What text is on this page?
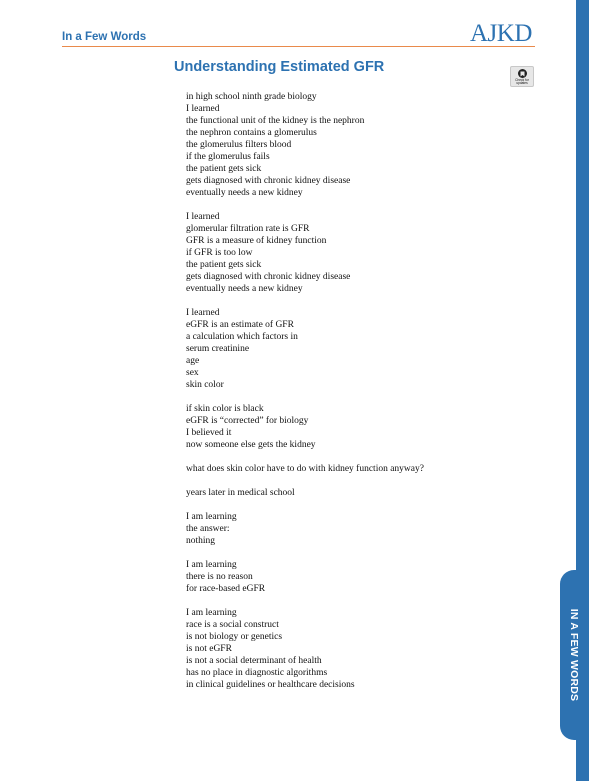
In a Few Words	AJKD
IN A FEW WORDS
Understanding Estimated GFR
Check for updates
in high school ninth grade biology
I learned
the functional unit of the kidney is the nephron
the nephron contains a glomerulus
the glomerulus filters blood
if the glomerulus fails
the patient gets sick
gets diagnosed with chronic kidney disease
eventually needs a new kidney
I learned
glomerular filtration rate is GFR
GFR is a measure of kidney function
if GFR is too low
the patient gets sick
gets diagnosed with chronic kidney disease
eventually needs a new kidney
I learned
eGFR is an estimate of GFR
a calculation which factors in
serum creatinine
age
sex
skin color
if skin color is black
eGFR is “corrected” for biology
I believed it
now someone else gets the kidney
what does skin color have to do with kidney function anyway?
years later in medical school
I am learning
the answer:
nothing
I am learning
there is no reason
for race-based eGFR
I am learning
race is a social construct
is not biology or genetics
is not eGFR
is not a social determinant of health
has no place in diagnostic algorithms
in clinical guidelines or healthcare decisions
